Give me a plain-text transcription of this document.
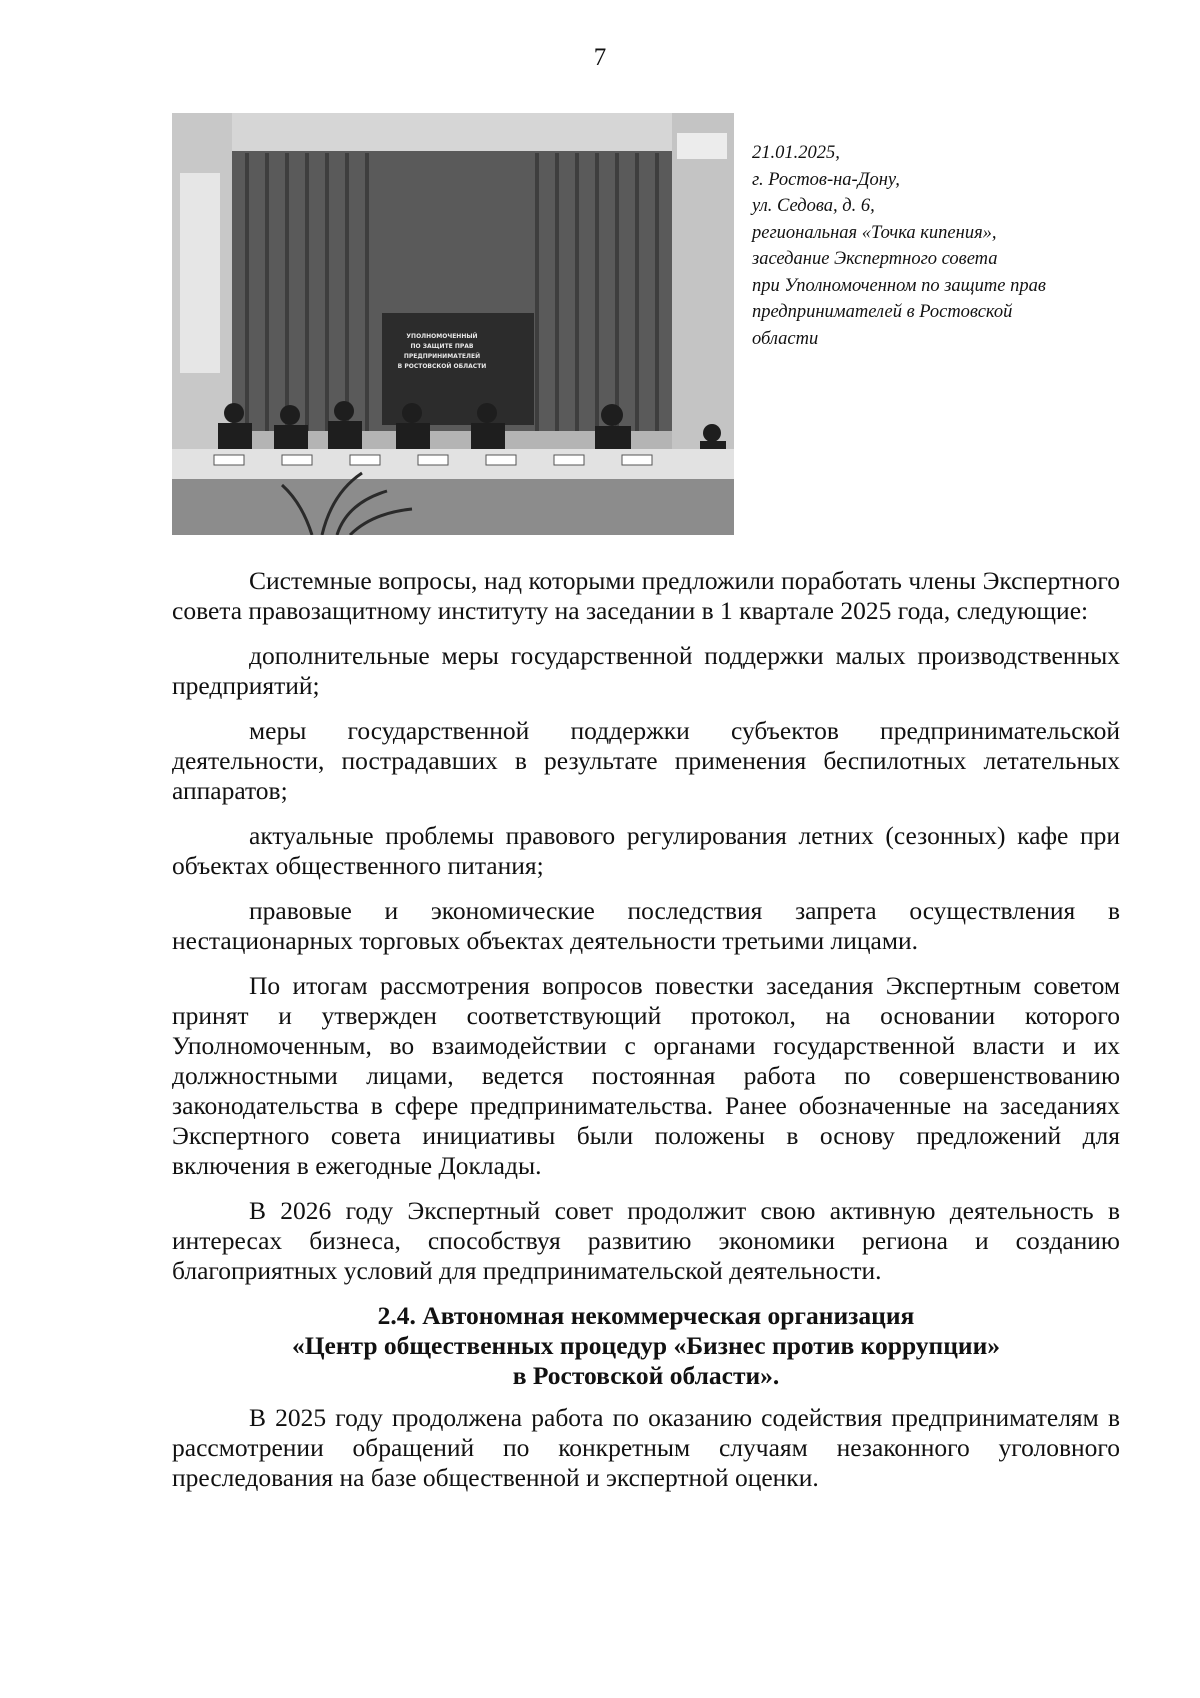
7
УПОЛНОМОЧЕННЫЙ
ПО ЗАЩИТЕ ПРАВ
ПРЕДПРИНИМАТЕЛЕЙ
В РОСТОВСКОЙ ОБЛАСТИ
21.01.2025,
г. Ростов-на-Дону,
ул. Седова, д. 6,
региональная «Точка кипения»,
заседание Экспертного совета
при Уполномоченном по защите прав
предпринимателей в Ростовской
области

Системные вопросы, над которыми предложили поработать члены Экспертного совета правозащитному институту на заседании в 1 квартале 2025 года, следующие:

дополнительные меры государственной поддержки малых производственных предприятий;

меры государственной поддержки субъектов предпринимательской деятельности, пострадавших в результате применения беспилотных летательных аппаратов;

актуальные проблемы правового регулирования летних (сезонных) кафе при объектах общественного питания;

правовые и экономические последствия запрета осуществления в нестационарных торговых объектах деятельности третьими лицами.

По итогам рассмотрения вопросов повестки заседания Экспертным советом принят и утвержден соответствующий протокол, на основании которого Уполномоченным, во взаимодействии с органами государственной власти и их должностными лицами, ведется постоянная работа по совершенствованию законодательства в сфере предпринимательства. Ранее обозначенные на заседаниях Экспертного совета инициативы были положены в основу предложений для включения в ежегодные Доклады.

В 2026 году Экспертный совет продолжит свою активную деятельность в интересах бизнеса, способствуя развитию экономики региона и созданию благоприятных условий для предпринимательской деятельности.

2.4. Автономная некоммерческая организация
«Центр общественных процедур «Бизнес против коррупции»
в Ростовской области».

В 2025 году продолжена работа по оказанию содействия предпринимателям в рассмотрении обращений по конкретным случаям незаконного уголовного преследования на базе общественной и экспертной оценки.
